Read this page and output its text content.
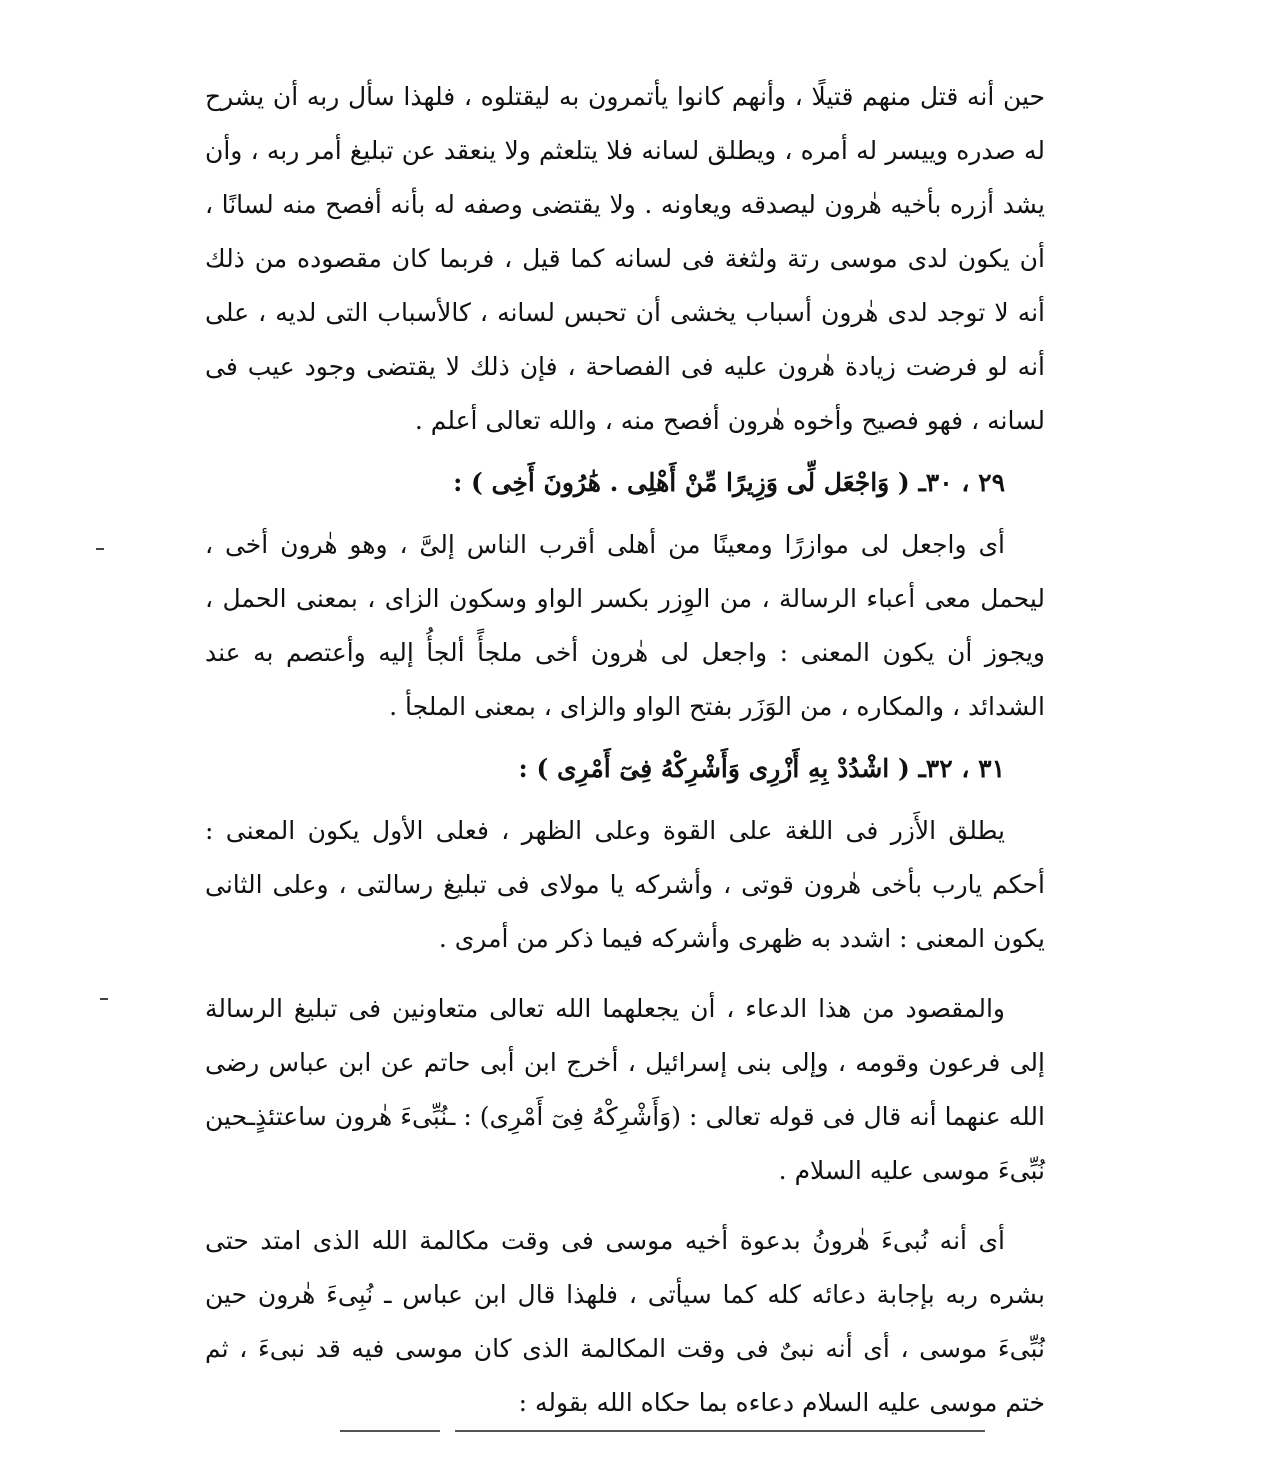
حين أنه قتل منهم قتيلًا ، وأنهم كانوا يأتمرون به ليقتلوه ، فلهذا سأل ربه أن يشرح له صدره وييسر له أمره ، ويطلق لسانه فلا يتلعثم ولا ينعقد عن تبليغ أمر ربه ، وأن يشد أزره بأخيه هٰرون ليصدقه ويعاونه . ولا يقتضى وصفه له بأنه أفصح منه لسانًا ، أن يكون لدى موسى رتة ولثغة فى لسانه كما قيل ، فربما كان مقصوده من ذلك أنه لا توجد لدى هٰرون أسباب يخشى أن تحبس لسانه ، كالأسباب التى لديه ، على أنه لو فرضت زيادة هٰرون عليه فى الفصاحة ، فإن ذلك لا يقتضى وجود عيب فى لسانه ، فهو فصيح وأخوه هٰرون أفصح منه ، والله تعالى أعلم .

٢٩ ، ٣٠ـ ( وَاجْعَل لِّى وَزِيرًا مِّنْ أَهْلِى . هَٰرُونَ أَخِى ) :

أى واجعل لى موازرًا ومعينًا من أهلى أقرب الناس إلىَّ ، وهو هٰرون أخى ، ليحمل معى أعباء الرسالة ، من الوِزر بكسر الواو وسكون الزاى ، بمعنى الحمل ، ويجوز أن يكون المعنى : واجعل لى هٰرون أخى ملجأً ألجأُ إليه وأعتصم به عند الشدائد ، والمكاره ، من الوَزَر بفتح الواو والزاى ، بمعنى الملجأ .

٣١ ، ٣٢ـ ( اشْدُدْ بِهِ أَزْرِى وَأَشْرِكْهُ فِىٓ أَمْرِى ) :

يطلق الأَزر فى اللغة على القوة وعلى الظهر ، فعلى الأول يكون المعنى : أحكم يارب بأخى هٰرون قوتى ، وأشركه يا مولاى فى تبليغ رسالتى ، وعلى الثانى يكون المعنى : اشدد به ظهرى وأشركه فيما ذكر من أمرى .

والمقصود من هذا الدعاء ، أن يجعلهما الله تعالى متعاونين فى تبليغ الرسالة إلى فرعون وقومه ، وإلى بنى إسرائيل ، أخرج ابن أبى حاتم عن ابن عباس رضى الله عنهما أنه قال فى قوله تعالى : (وَأَشْرِكْهُ فِىٓ أَمْرِى) : ـنُبِّىءَ هٰرون ساعتئذٍـحين نُبِّىءَ موسى عليه السلام .

أى أنه نُبىءَ هٰرونُ بدعوة أخيه موسى فى وقت مكالمة الله الذى امتد حتى بشره ربه بإجابة دعائه كله كما سيأتى ، فلهذا قال ابن عباس ـ نُبِىءَ هٰرون حين نُبِّىءَ موسى ، أى أنه نبىٌ فى وقت المكالمة الذى كان موسى فيه قد نبىءَ ، ثم ختم موسى عليه السلام دعاءه بما حكاه الله بقوله :
